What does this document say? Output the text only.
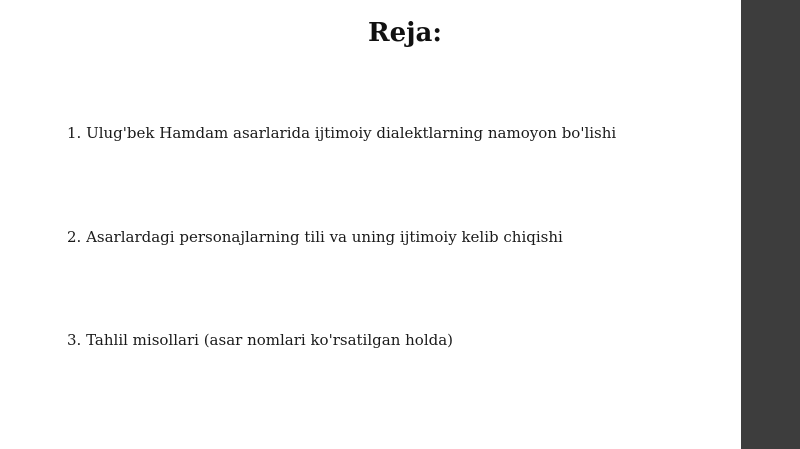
Reja:

1. Ulug'bek Hamdam asarlarida ijtimoiy dialektlarning namoyon bo'lishi

2. Asarlardagi personajlarning tili va uning ijtimoiy kelib chiqishi

3. Tahlil misollari (asar nomlari ko'rsatilgan holda)
